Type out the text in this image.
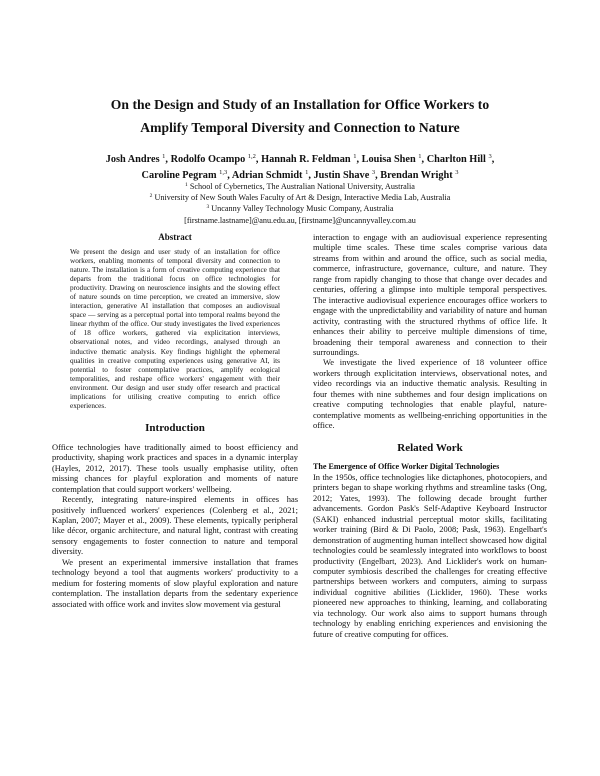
On the Design and Study of an Installation for Office Workers to
Amplify Temporal Diversity and Connection to Nature
Josh Andres $^1$, Rodolfo Ocampo $^{1,2}$, Hannah R. Feldman $^1$, Louisa Shen $^1$, Charlton Hill $^3$,
Caroline Pegram $^{1,3}$, Adrian Schmidt $^1$, Justin Shave $^3$, Brendan Wright $^3$
$^1$ School of Cybernetics, The Australian National University, Australia
$^2$ University of New South Wales Faculty of Art & Design, Interactive Media Lab, Australia
$^3$ Uncanny Valley Technology Music Company, Australia
[firstname.lastname]@anu.edu.au, [firstname]@uncannyvalley.com.au
Abstract
We present the design and user study of an installation for office workers, enabling moments of temporal diversity and connection to nature. The installation is a form of creative computing experience that departs from the traditional focus on office technologies for productivity. Drawing on neuroscience insights and the slowing effect of nature sounds on time perception, we created an immersive, slow interaction, generative AI installation that composes an audiovisual space — serving as a perceptual portal into temporal realms beyond the linear rhythm of the office. Our study investigates the lived experiences of 18 office workers, gathered via explicitation interviews, observational notes, and video recordings, analysed through an inductive thematic analysis. Key findings highlight the ephemeral qualities in creative computing experiences using generative AI, its potential to foster contemplative practices, amplify ecological temporalities, and reshape office workers' engagement with their environment. Our design and user study offer research and practical implications for utilising creative computing to enrich office experiences.
Introduction

Office technologies have traditionally aimed to boost efficiency and productivity, shaping work practices and spaces in a dynamic interplay (Hayles, 2012, 2017). These tools usually emphasise utility, often missing chances for playful exploration and moments of nature contemplation that could support workers' wellbeing.

Recently, integrating nature-inspired elements in offices has positively influenced workers' experiences (Colenberg et al., 2021; Kaplan, 2007; Mayer et al., 2009). These elements, typically peripheral like décor, organic architecture, and natural light, contrast with creating sensory engagements to foster connection to nature and temporal diversity.

We present an experimental immersive installation that frames technology beyond a tool that augments workers' productivity to a medium for fostering moments of slow playful exploration and nature contemplation. The installation departs from the sedentary experience associated with office work and invites slow movement via gestural

interaction to engage with an audiovisual experience representing multiple time scales. These time scales comprise various data streams from within and around the office, such as social media, commerce, infrastructure, governance, culture, and nature. They range from rapidly changing to those that change over decades and centuries, offering a glimpse into multiple temporal perspectives. The interactive audiovisual experience encourages office workers to engage with the unpredictability and variability of nature and human activity, contrasting with the structured rhythms of office life. It enhances their ability to perceive multiple dimensions of time, broadening their temporal awareness and connection to their surroundings.

We investigate the lived experience of 18 volunteer office workers through explicitation interviews, observational notes, and video recordings via an inductive thematic analysis. Resulting in four themes with nine subthemes and four design implications on creative computing technologies that enable playful, nature-contemplative moments as wellbeing-enriching opportunities in the office.

Related Work
The Emergence of Office Worker Digital Technologies

In the 1950s, office technologies like dictaphones, photocopiers, and printers began to shape working rhythms and streamline tasks (Ong, 2012; Yates, 1993). The following decade brought further advancements. Gordon Pask's Self-Adaptive Keyboard Instructor (SAKI) enhanced industrial perceptual motor skills, facilitating worker training (Bird & Di Paolo, 2008; Pask, 1963). Engelbart's demonstration of augmenting human intellect showcased how digital technologies could be seamlessly integrated into workflows to boost productivity (Engelbart, 2023). And Licklider's work on human-computer symbiosis described the challenges for creating effective partnerships between workers and computers, aiming to surpass individual cognitive abilities (Licklider, 1960). These works pioneered new approaches to thinking, learning, and collaborating via technology. Our work also aims to support humans through technology by enabling enriching experiences and envisioning the future of creative computing for offices.
